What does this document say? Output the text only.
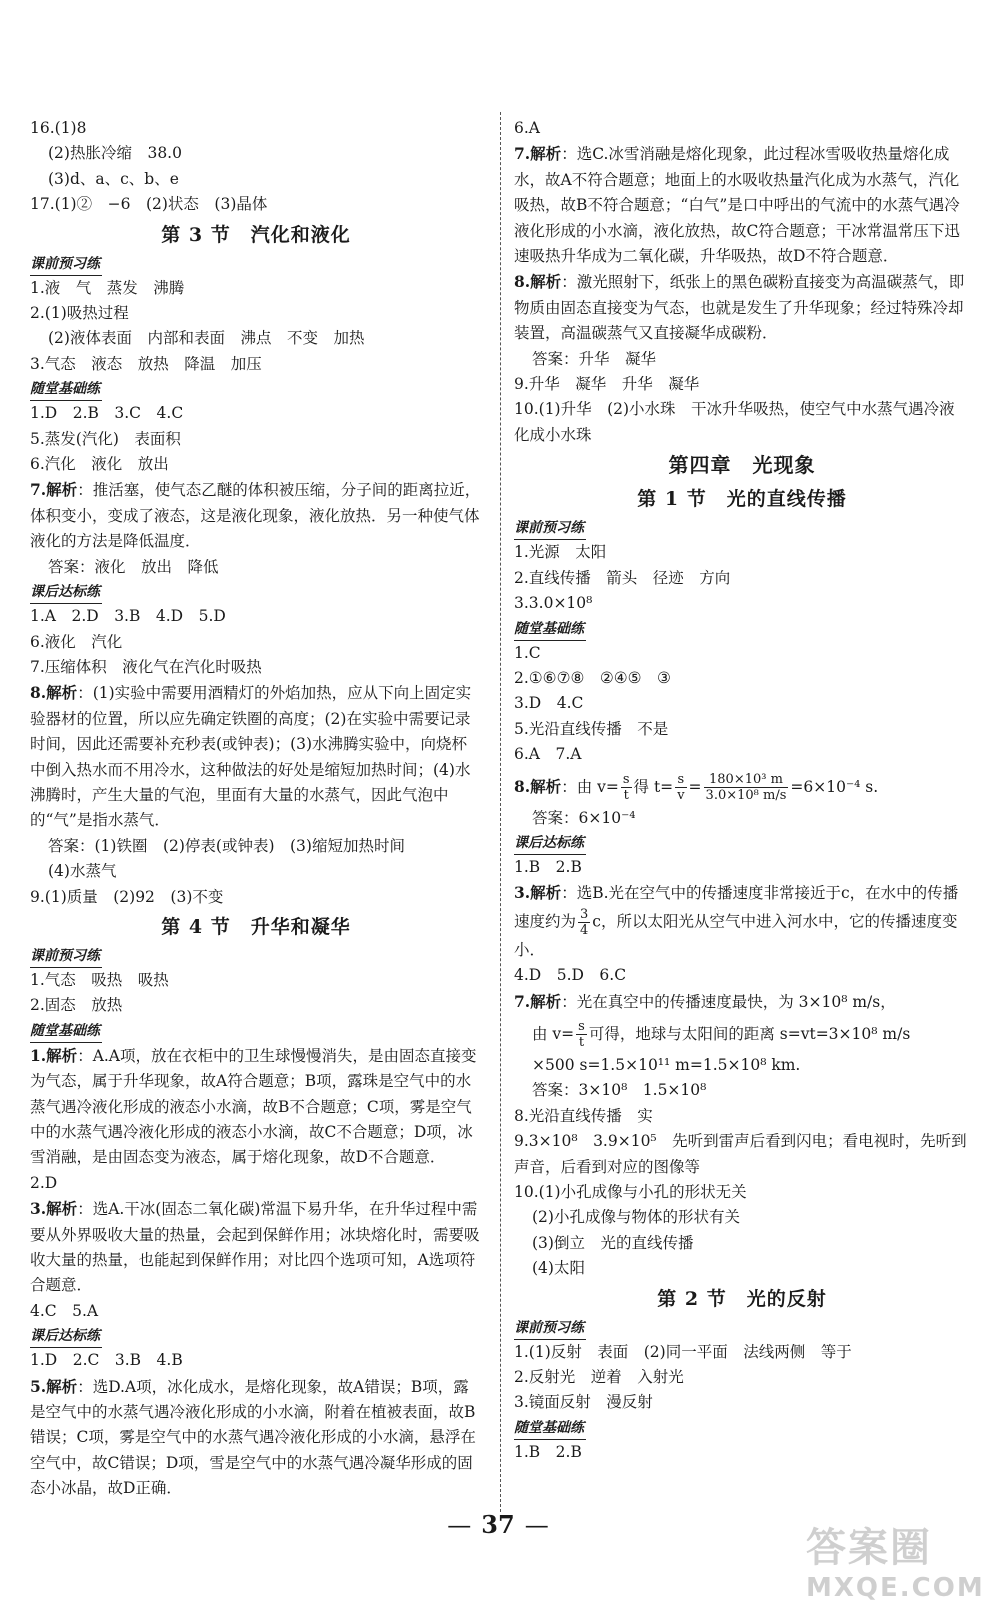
16.(1)8
(2)热胀冷缩　38.0
(3)d、a、c、b、e
17.(1)②　−6　(2)状态　(3)晶体
第 3 节　汽化和液化
课前预习练
1.液　气　蒸发　沸腾
2.(1)吸热过程
(2)液体表面　内部和表面　沸点　不变　加热
3.气态　液态　放热　降温　加压
随堂基础练
1.D　2.B　3.C　4.C
5.蒸发(汽化)　表面积
6.汽化　液化　放出
7.解析：推活塞，使气态乙醚的体积被压缩，分子间的距离拉近，体积变小，变成了液态，这是液化现象，液化放热．另一种使气体液化的方法是降低温度．
答案：液化　放出　降低
课后达标练
1.A　2.D　3.B　4.D　5.D
6.液化　汽化
7.压缩体积　液化气在汽化时吸热
8.解析：(1)实验中需要用酒精灯的外焰加热，应从下向上固定实验器材的位置，所以应先确定铁圈的高度；(2)在实验中需要记录时间，因此还需要补充秒表(或钟表)；(3)水沸腾实验中，向烧杯中倒入热水而不用冷水，这种做法的好处是缩短加热时间；(4)水沸腾时，产生大量的气泡，里面有大量的水蒸气，因此气泡中的“气”是指水蒸气．
答案：(1)铁圈　(2)停表(或钟表)　(3)缩短加热时间
(4)水蒸气
9.(1)质量　(2)92　(3)不变
第 4 节　升华和凝华
课前预习练
1.气态　吸热　吸热
2.固态　放热
随堂基础练
1.解析：A.A项，放在衣柜中的卫生球慢慢消失，是由固态直接变为气态，属于升华现象，故A符合题意；B项，露珠是空气中的水蒸气遇冷液化形成的液态小水滴，故B不合题意；C项，雾是空气中的水蒸气遇冷液化形成的液态小水滴，故C不合题意；D项，冰雪消融，是由固态变为液态，属于熔化现象，故D不合题意．
2.D
3.解析：选A.干冰(固态二氧化碳)常温下易升华，在升华过程中需要从外界吸收大量的热量，会起到保鲜作用；冰块熔化时，需要吸收大量的热量，也能起到保鲜作用；对比四个选项可知，A选项符合题意．
4.C　5.A
课后达标练
1.D　2.C　3.B　4.B
5.解析：选D.A项，冰化成水，是熔化现象，故A错误；B项，露是空气中的水蒸气遇冷液化形成的小水滴，附着在植被表面，故B错误；C项，雾是空气中的水蒸气遇冷液化形成的小水滴，悬浮在空气中，故C错误；D项，雪是空气中的水蒸气遇冷凝华形成的固态小冰晶，故D正确．
6.A
7.解析：选C.冰雪消融是熔化现象，此过程冰雪吸收热量熔化成水，故A不符合题意；地面上的水吸收热量汽化成为水蒸气，汽化吸热，故B不符合题意；“白气”是口中呼出的气流中的水蒸气遇冷液化形成的小水滴，液化放热，故C符合题意；干冰常温常压下迅速吸热升华成为二氧化碳，升华吸热，故D不符合题意．
8.解析：激光照射下，纸张上的黑色碳粉直接变为高温碳蒸气，即物质由固态直接变为气态，也就是发生了升华现象；经过特殊冷却装置，高温碳蒸气又直接凝华成碳粉．
答案：升华　凝华
9.升华　凝华　升华　凝华
10.(1)升华　(2)小水珠　干冰升华吸热，使空气中水蒸气遇冷液化成小水珠
第四章　光现象
第 1 节　光的直线传播
课前预习练
1.光源　太阳
2.直线传播　箭头　径迹　方向
3.3.0×10⁸
随堂基础练
1.C
2.①⑥⑦⑧　②④⑤　③
3.D　4.C
5.光沿直线传播　不是
6.A　7.A
8.解析：由 $v= \frac{s}{t}$ 得 $t= \frac{s}{v} = \frac{\text{180×10³ m}}{\text{3.0×10⁸ m/s}} =6\times 10^{-4}$ s.
答案：6×10⁻⁴
课后达标练
1.B　2.B
3.解析：选B.光在空气中的传播速度非常接近于c，在水中的传播速度约为 $\frac{3}{4}$ c，所以太阳光从空气中进入河水中，它的传播速度变小．
4.D　5.D　6.C
7.解析：光在真空中的传播速度最快，为 3×10⁸ m/s，
由 $v= \frac{s}{t}$ 可得，地球与太阳间的距离 s=vt=3×10⁸ m/s
×500 s=1.5×10¹¹ m=1.5×10⁸ km.
答案：3×10⁸　1.5×10⁸
8.光沿直线传播　实
9.3×10⁸　3.9×10⁵　先听到雷声后看到闪电；看电视时，先听到声音，后看到对应的图像等
10.(1)小孔成像与小孔的形状无关
(2)小孔成像与物体的形状有关
(3)倒立　光的直线传播
(4)太阳
第 2 节　光的反射
课前预习练
1.(1)反射　表面　(2)同一平面　法线两侧　等于
2.反射光　逆着　入射光
3.镜面反射　漫反射
随堂基础练
1.B　2.B
— 37 —	答案圈
MXQE.COM
